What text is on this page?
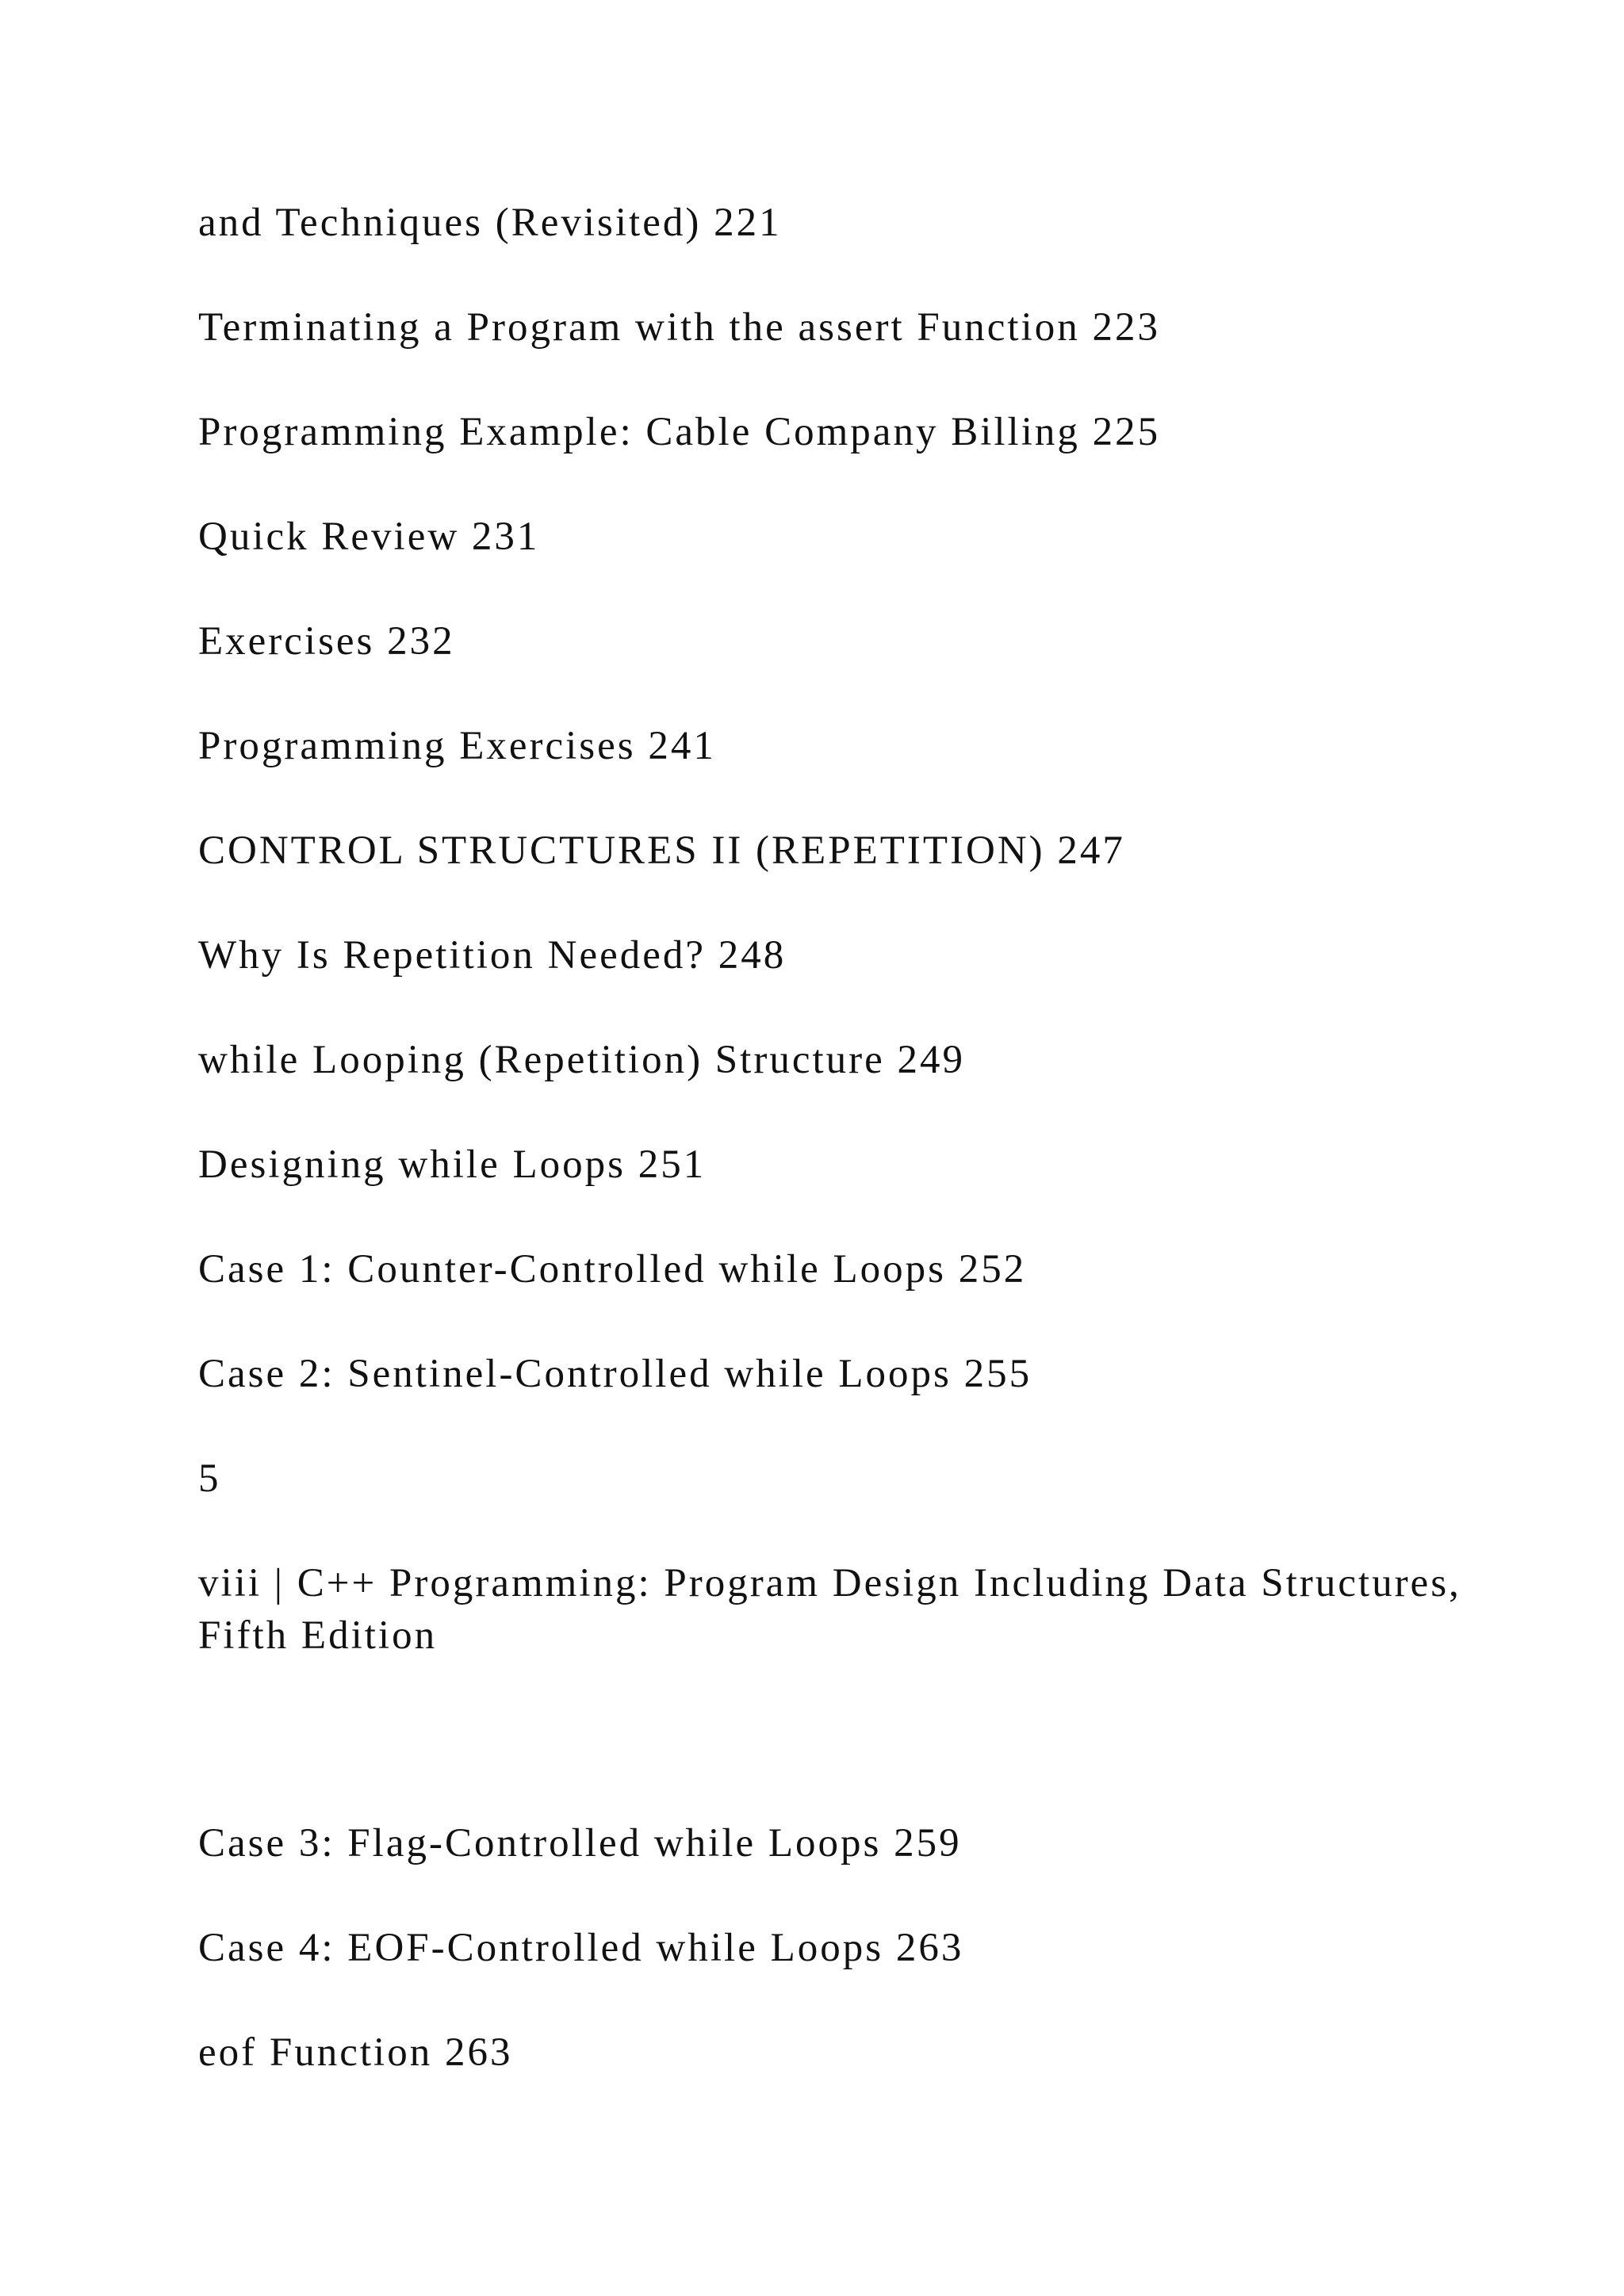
and Techniques (Revisited) 221

Terminating a Program with the assert Function 223

Programming Example: Cable Company Billing 225

Quick Review 231

Exercises 232

Programming Exercises 241

CONTROL STRUCTURES II (REPETITION) 247

Why Is Repetition Needed? 248

while Looping (Repetition) Structure 249

Designing while Loops 251

Case 1: Counter-Controlled while Loops 252

Case 2: Sentinel-Controlled while Loops 255

5

viii | C++ Programming: Program Design Including Data Structures, Fifth Edition

Case 3: Flag-Controlled while Loops 259

Case 4: EOF-Controlled while Loops 263

eof Function 263
